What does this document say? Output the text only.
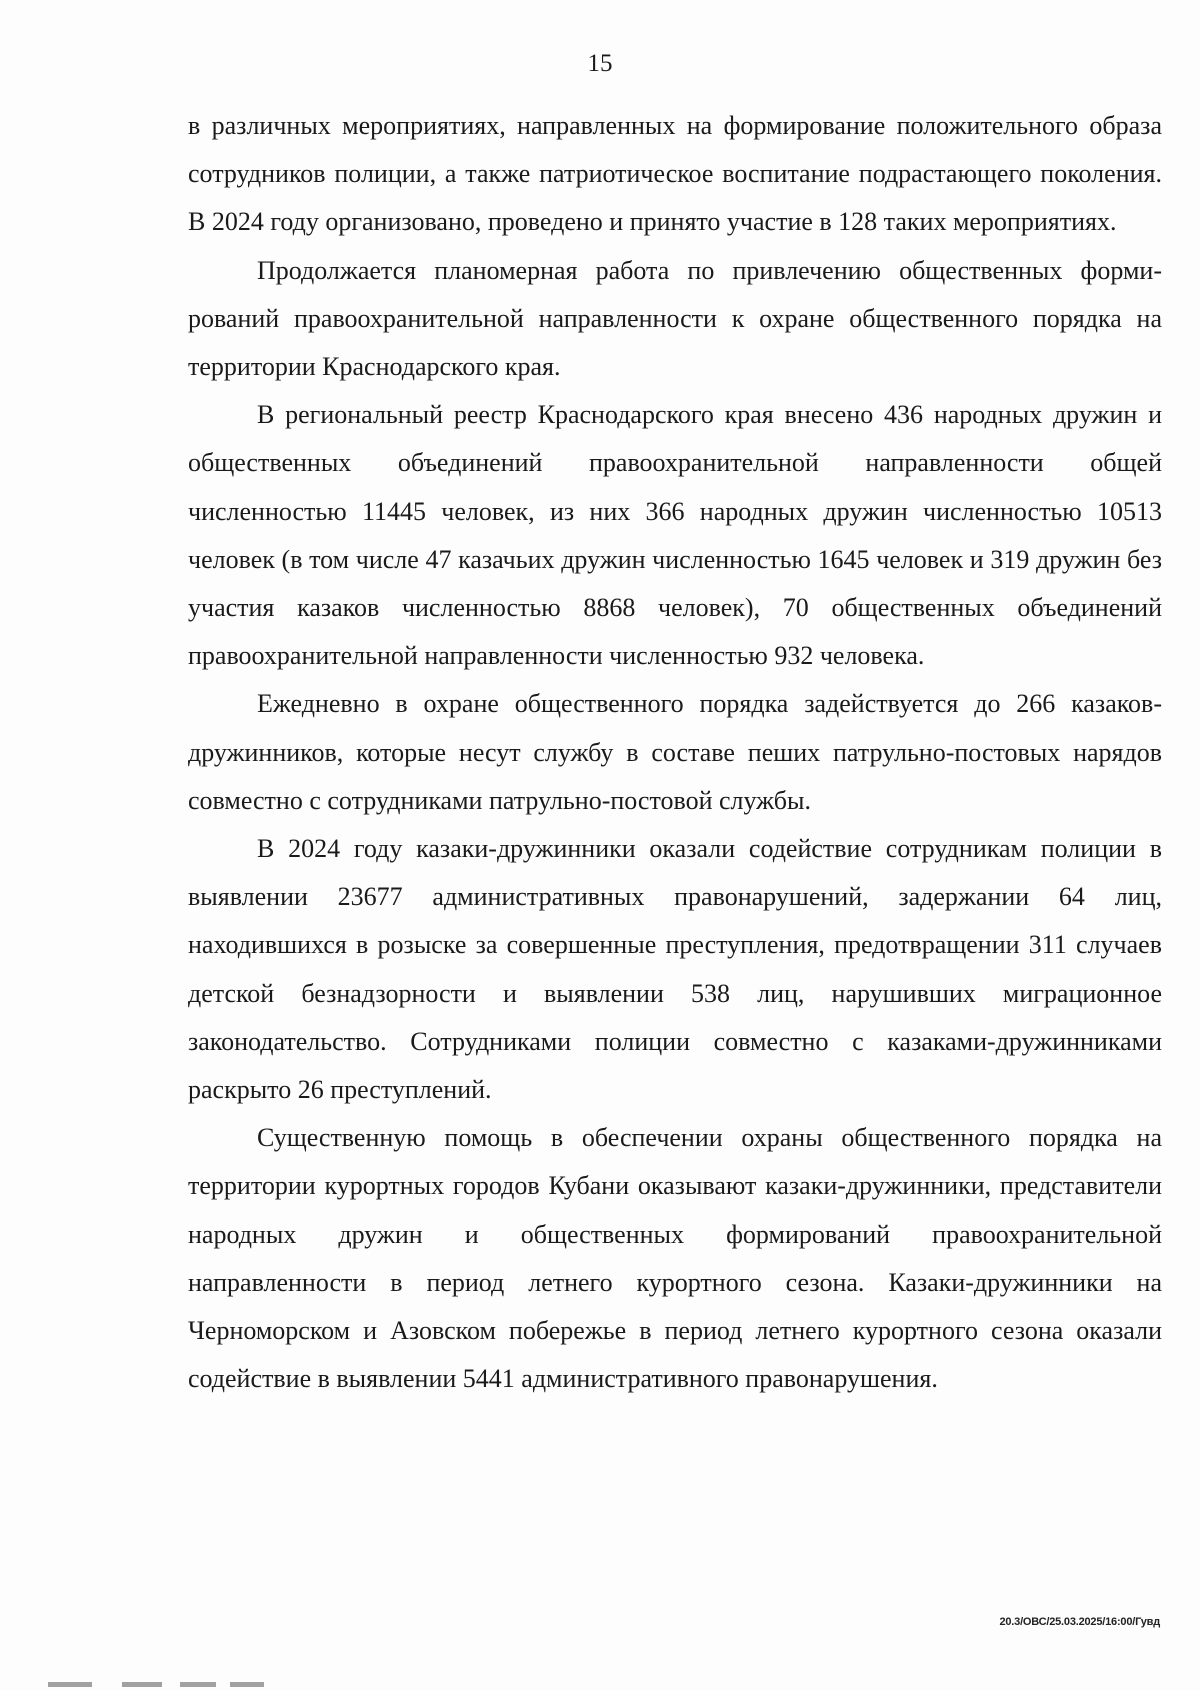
15

в различных мероприятиях, направленных на формирование положительного образа сотрудников полиции, а также патриотическое воспитание подрастающего поколения. В 2024 году организовано, проведено и принято участие в 128 таких мероприятиях.

Продолжается планомерная работа по привлечению общественных формирований правоохранительной направленности к охране общественного порядка на территории Краснодарского края.

В региональный реестр Краснодарского края внесено 436 народных дружин и общественных объединений правоохранительной направленности общей численностью 11445 человек, из них 366 народных дружин численностью 10513 человек (в том числе 47 казачьих дружин численностью 1645 человек и 319 дружин без участия казаков численностью 8868 человек), 70 общественных объединений правоохранительной направленности численностью 932 человека.

Ежедневно в охране общественного порядка задействуется до 266 казаков-дружинников, которые несут службу в составе пеших патрульно-постовых нарядов совместно с сотрудниками патрульно-постовой службы.

В 2024 году казаки-дружинники оказали содействие сотрудникам полиции в выявлении 23677 административных правонарушений, задержании 64 лиц, находившихся в розыске за совершенные преступления, предотвращении 311 случаев детской безнадзорности и выявлении 538 лиц, нарушивших миграционное законодательство. Сотрудниками полиции совместно с казаками-дружинниками раскрыто 26 преступлений.

Существенную помощь в обеспечении охраны общественного порядка на территории курортных городов Кубани оказывают казаки-дружинники, представители народных дружин и общественных формирований правоохранительной направленности в период летнего курортного сезона. Казаки-дружинники на Черноморском и Азовском побережье в период летнего курортного сезона оказали содействие в выявлении 5441 административного правонарушения.

20.3/ОВС/25.03.2025/16:00/Гувд
